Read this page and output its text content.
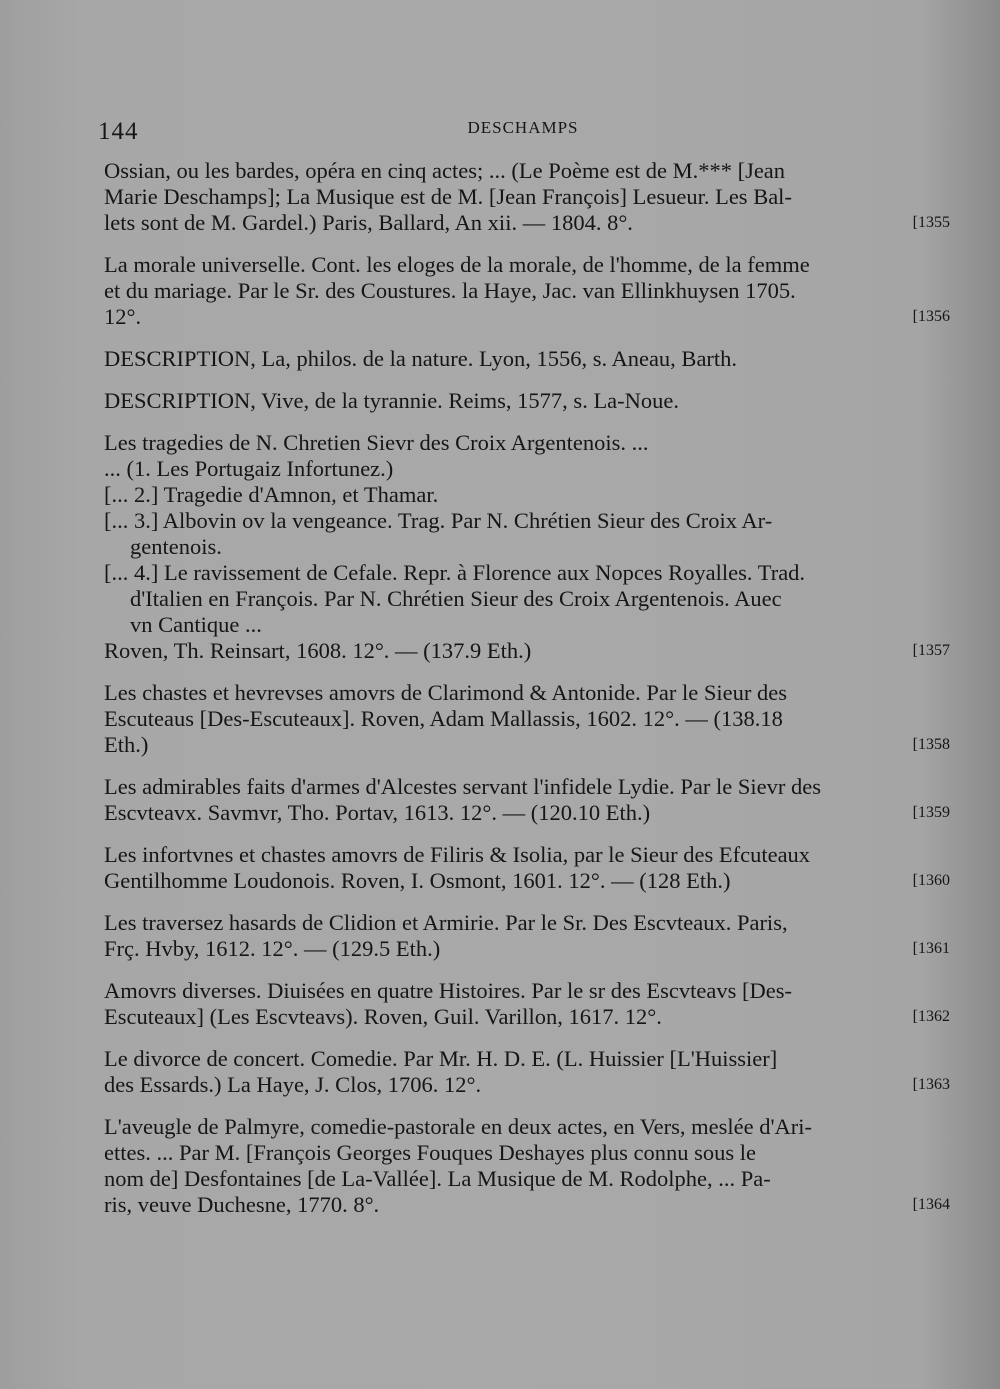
144	DESCHAMPS
Ossian, ou les bardes, opéra en cinq actes; ... (Le Poème est de M.*** [Jean
Marie Deschamps]; La Musique est de M. [Jean François] Lesueur. Les Bal-
lets sont de M. Gardel.) Paris, Ballard, An xii. — 1804. 8°.	[1355
La morale universelle. Cont. les eloges de la morale, de l'homme, de la femme
et du mariage. Par le Sr. des Coustures. la Haye, Jac. van Ellinkhuysen 1705.
12°.	[1356
DESCRIPTION, La, philos. de la nature. Lyon, 1556, s. Aneau, Barth.
DESCRIPTION, Vive, de la tyrannie. Reims, 1577, s. La-Noue.
Les tragedies de N. Chretien Sievr des Croix Argentenois. ...
... (1. Les Portugaiz Infortunez.)
[... 2.] Tragedie d'Amnon, et Thamar.
[... 3.] Albovin ov la vengeance. Trag. Par N. Chrétien Sieur des Croix Ar-
gentenois.
[... 4.] Le ravissement de Cefale. Repr. à Florence aux Nopces Royalles. Trad.
d'Italien en François. Par N. Chrétien Sieur des Croix Argentenois. Auec
vn Cantique ...
Roven, Th. Reinsart, 1608. 12°. — (137.9 Eth.)	[1357
Les chastes et hevrevses amovrs de Clarimond & Antonide. Par le Sieur des
Escuteaus [Des-Escuteaux]. Roven, Adam Mallassis, 1602. 12°. — (138.18
Eth.)	[1358
Les admirables faits d'armes d'Alcestes servant l'infidele Lydie. Par le Sievr des
Escvteavx. Savmvr, Tho. Portav, 1613. 12°. — (120.10 Eth.)	[1359
Les infortvnes et chastes amovrs de Filiris & Isolia, par le Sieur des Efcuteaux
Gentilhomme Loudonois. Roven, I. Osmont, 1601. 12°. — (128 Eth.)	[1360
Les traversez hasards de Clidion et Armirie. Par le Sr. Des Escvteaux. Paris,
Frç. Hvby, 1612. 12°. — (129.5 Eth.)	[1361
Amovrs diverses. Diuisées en quatre Histoires. Par le sr des Escvteavs [Des-
Escuteaux] (Les Escvteavs). Roven, Guil. Varillon, 1617. 12°.	[1362
Le divorce de concert. Comedie. Par Mr. H. D. E. (L. Huissier [L'Huissier]
des Essards.) La Haye, J. Clos, 1706. 12°.	[1363
L'aveugle de Palmyre, comedie-pastorale en deux actes, en Vers, meslée d'Ari-
ettes. ... Par M. [François Georges Fouques Deshayes plus connu sous le
nom de] Desfontaines [de La-Vallée]. La Musique de M. Rodolphe, ... Pa-
ris, veuve Duchesne, 1770. 8°.	[1364
